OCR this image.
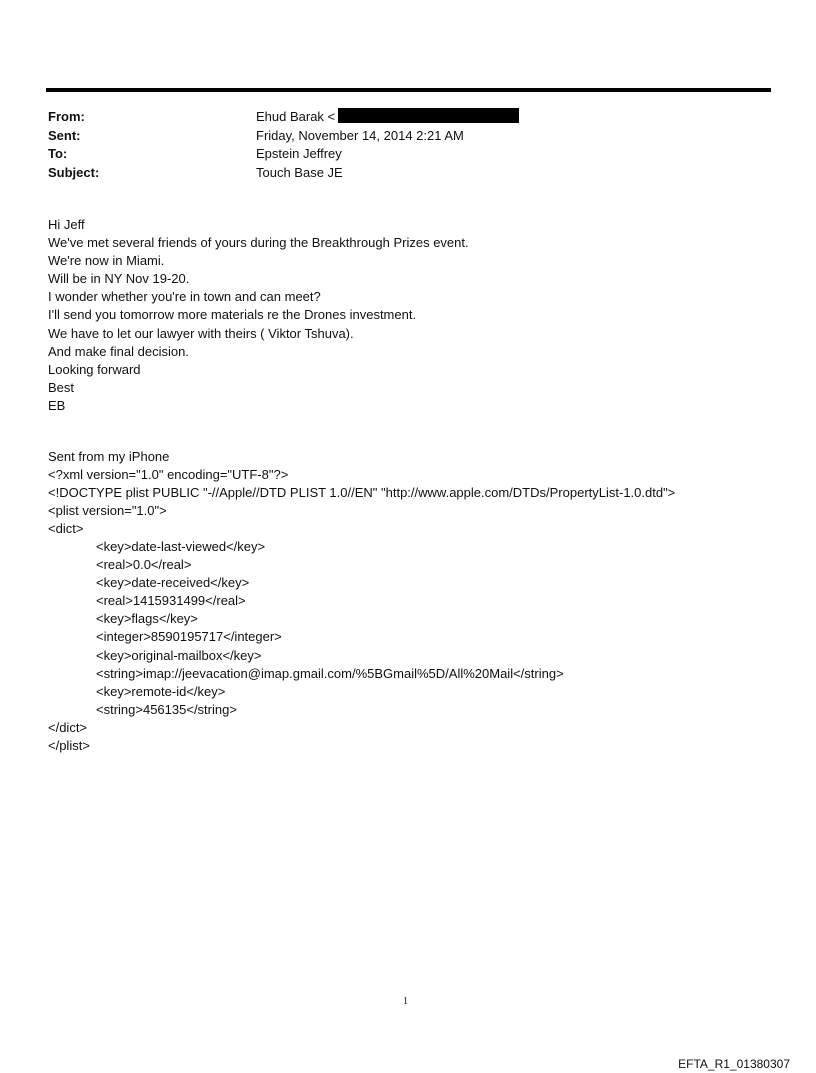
From:	Ehud Barak <
Sent:	Friday, November 14, 2014 2:21 AM
To:	Epstein Jeffrey
Subject:	Touch Base JE
Hi Jeff
We've met several friends of yours during the Breakthrough Prizes event.
We're now in Miami.
Will be in NY Nov 19-20.
I wonder whether you're in town and can meet?
I'll send you tomorrow more materials re the Drones investment.
We have to let our lawyer with theirs ( Viktor Tshuva).
And make final decision.
Looking forward
Best
EB
Sent from my iPhone
<?xml version="1.0" encoding="UTF-8"?>
<!DOCTYPE plist PUBLIC "-//Apple//DTD PLIST 1.0//EN" "http://www.apple.com/DTDs/PropertyList-1.0.dtd">
<plist version="1.0">
<dict>
<key>date-last-viewed</key>
<real>0.0</real>
<key>date-received</key>
<real>1415931499</real>
<key>flags</key>
<integer>8590195717</integer>
<key>original-mailbox</key>
<string>imap://jeevacation@imap.gmail.com/%5BGmail%5D/All%20Mail</string>
<key>remote-id</key>
<string>456135</string>
</dict>
</plist>
1
EFTA_R1_01380307
